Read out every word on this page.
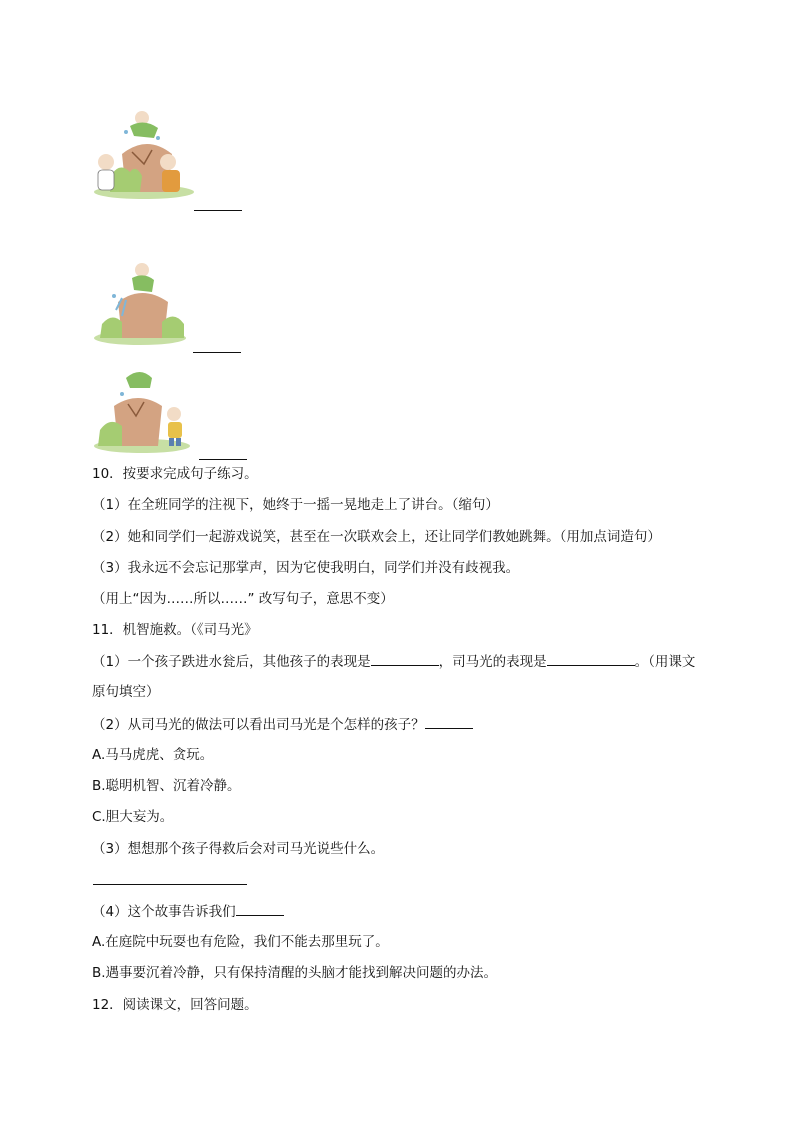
10．按要求完成句子练习。
（1）在全班同学的注视下，她终于一摇一晃地走上了讲台。（缩句）
（2）她和同学们一起游戏说笑，甚至在一次联欢会上，还让同学们教她跳舞。（用加点词造句）
（3）我永远不会忘记那掌声，因为它使我明白，同学们并没有歧视我。
（用上“因为……所以……” 改写句子，意思不变）
11．机智施救。（《司马光》
（1）一个孩子跌进水瓮后，其他孩子的表现是	，司马光的表现是	。（用课文
原句填空）
（2）从司马光的做法可以看出司马光是个怎样的孩子？
A.马马虎虎、贪玩。
B.聪明机智、沉着冷静。
C.胆大妄为。
（3）想想那个孩子得救后会对司马光说些什么。
（4）这个故事告诉我们
A.在庭院中玩耍也有危险，我们不能去那里玩了。
B.遇事要沉着冷静，只有保持清醒的头脑才能找到解决问题的办法。
12．阅读课文，回答问题。
